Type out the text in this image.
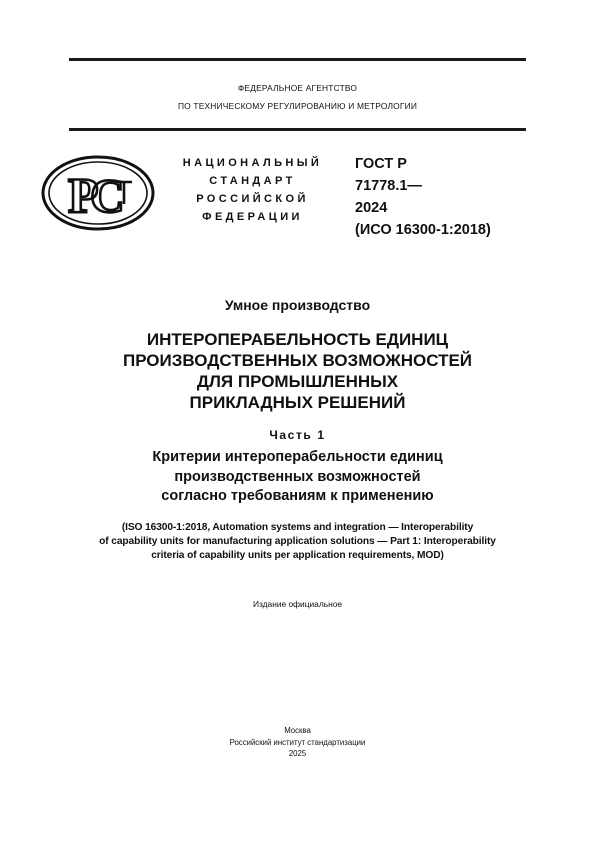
ФЕДЕРАЛЬНОЕ АГЕНТСТВО
ПО ТЕХНИЧЕСКОМУ РЕГУЛИРОВАНИЮ И МЕТРОЛОГИИ
Р
С
НАЦИОНАЛЬНЫЙ
СТАНДАРТ
РОССИЙСКОЙ
ФЕДЕРАЦИИ
ГОСТ Р
71778.1—
2024
(ИСО 16300-1:2018)
Умное производство
ИНТЕРОПЕРАБЕЛЬНОСТЬ ЕДИНИЦ
ПРОИЗВОДСТВЕННЫХ ВОЗМОЖНОСТЕЙ
ДЛЯ ПРОМЫШЛЕННЫХ
ПРИКЛАДНЫХ РЕШЕНИЙ
Часть 1
Критерии интероперабельности единиц
производственных возможностей
согласно требованиям к применению
(ISO 16300-1:2018, Automation systems and integration — Interoperability
of capability units for manufacturing application solutions — Part 1: Interoperability
criteria of capability units per application requirements, MOD)
Издание официальное
Москва
Российский институт стандартизации
2025
